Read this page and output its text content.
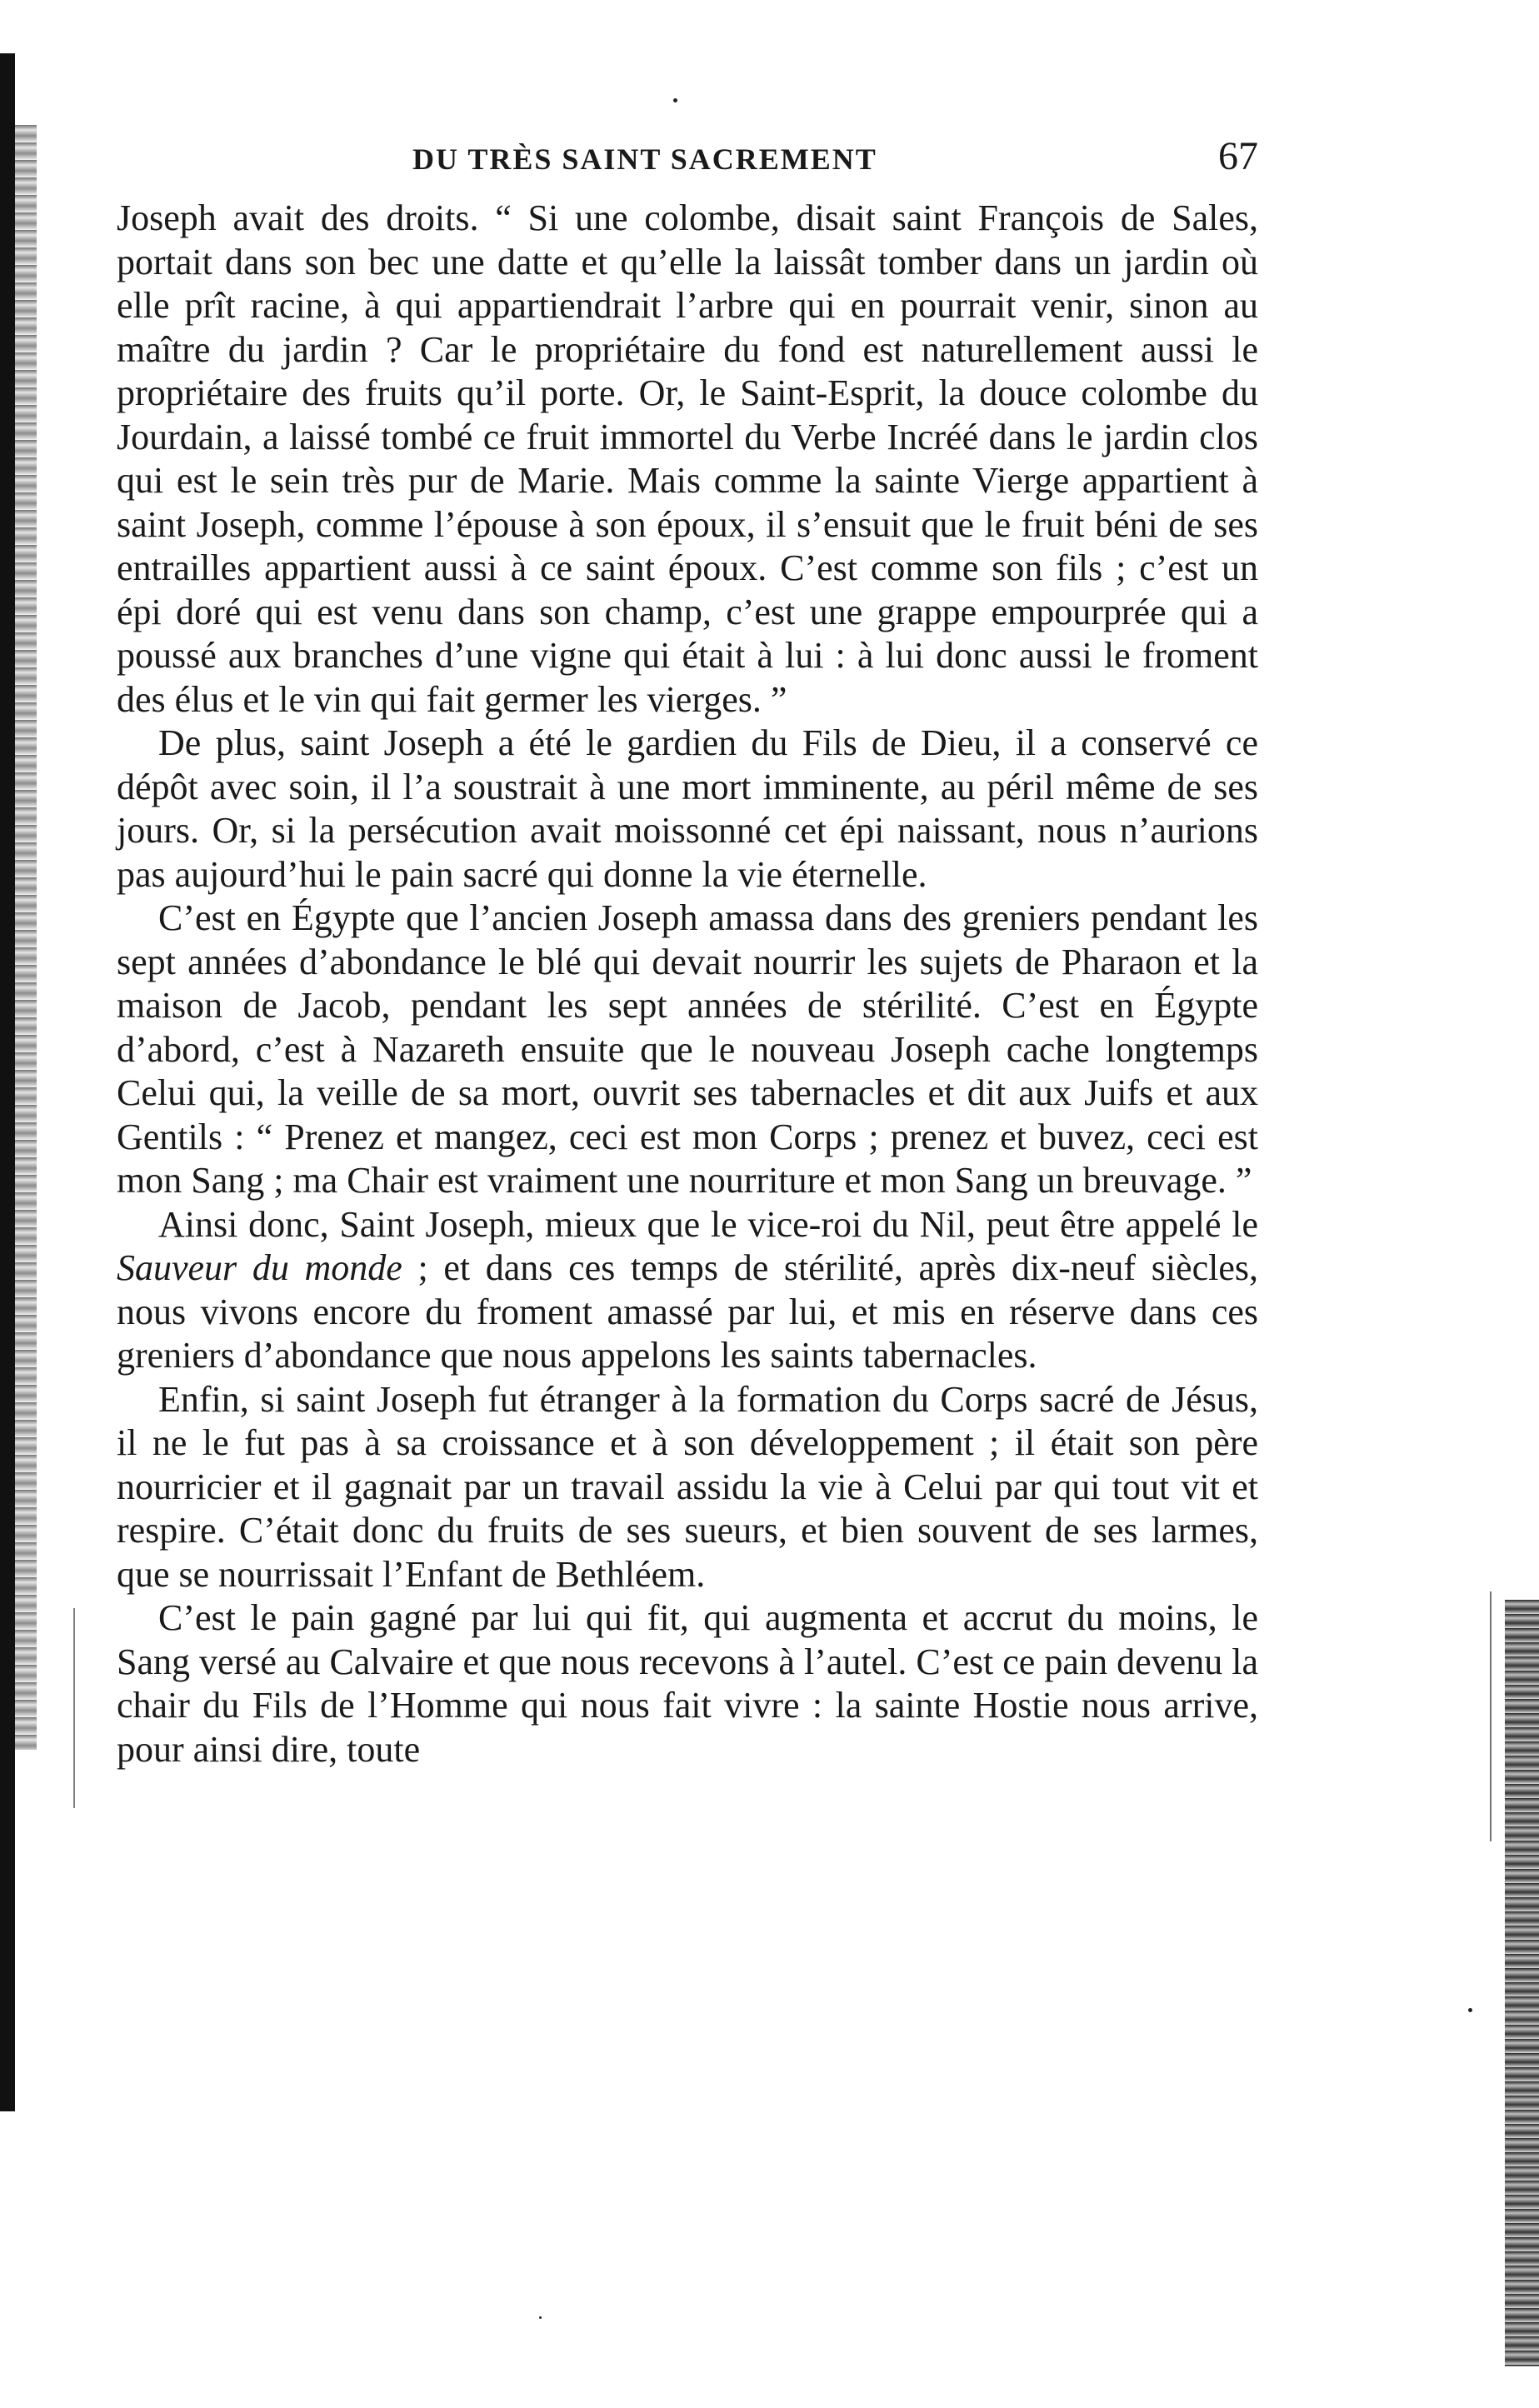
DU TRÈS SAINT SACREMENT	67

Joseph avait des droits. “ Si une colombe, disait saint François de Sales, portait dans son bec une datte et qu’elle la laissât tomber dans un jardin où elle prît racine, à qui appartiendrait l’arbre qui en pourrait venir, sinon au maître du jardin ? Car le propriétaire du fond est naturellement aussi le propriétaire des fruits qu’il porte. Or, le Saint-Esprit, la douce colombe du Jourdain, a laissé tombé ce fruit immortel du Verbe Incréé dans le jardin clos qui est le sein très pur de Marie. Mais comme la sainte Vierge appartient à saint Joseph, comme l’épouse à son époux, il s’ensuit que le fruit béni de ses entrailles appartient aussi à ce saint époux. C’est comme son fils ; c’est un épi doré qui est venu dans son champ, c’est une grappe empourprée qui a poussé aux branches d’une vigne qui était à lui : à lui donc aussi le froment des élus et le vin qui fait germer les vierges. ”

De plus, saint Joseph a été le gardien du Fils de Dieu, il a conservé ce dépôt avec soin, il l’a soustrait à une mort imminente, au péril même de ses jours. Or, si la persécution avait moissonné cet épi naissant, nous n’aurions pas aujourd’hui le pain sacré qui donne la vie éternelle.

C’est en Égypte que l’ancien Joseph amassa dans des greniers pendant les sept années d’abondance le blé qui devait nourrir les sujets de Pharaon et la maison de Jacob, pendant les sept années de stérilité. C’est en Égypte d’abord, c’est à Nazareth ensuite que le nouveau Joseph cache longtemps Celui qui, la veille de sa mort, ouvrit ses tabernacles et dit aux Juifs et aux Gentils : “ Prenez et mangez, ceci est mon Corps ; prenez et buvez, ceci est mon Sang ; ma Chair est vraiment une nourriture et mon Sang un breuvage. ”

Ainsi donc, Saint Joseph, mieux que le vice-roi du Nil, peut être appelé le Sauveur du monde ; et dans ces temps de stérilité, après dix-neuf siècles, nous vivons encore du froment amassé par lui, et mis en réserve dans ces greniers d’abondance que nous appelons les saints tabernacles.

Enfin, si saint Joseph fut étranger à la formation du Corps sacré de Jésus, il ne le fut pas à sa croissance et à son développement ; il était son père nourricier et il gagnait par un travail assidu la vie à Celui par qui tout vit et respire. C’était donc du fruits de ses sueurs, et bien souvent de ses larmes, que se nourrissait l’Enfant de Bethléem.

C’est le pain gagné par lui qui fit, qui augmenta et accrut du moins, le Sang versé au Calvaire et que nous recevons à l’autel. C’est ce pain devenu la chair du Fils de l’Homme qui nous fait vivre : la sainte Hostie nous arrive, pour ainsi dire, toute
